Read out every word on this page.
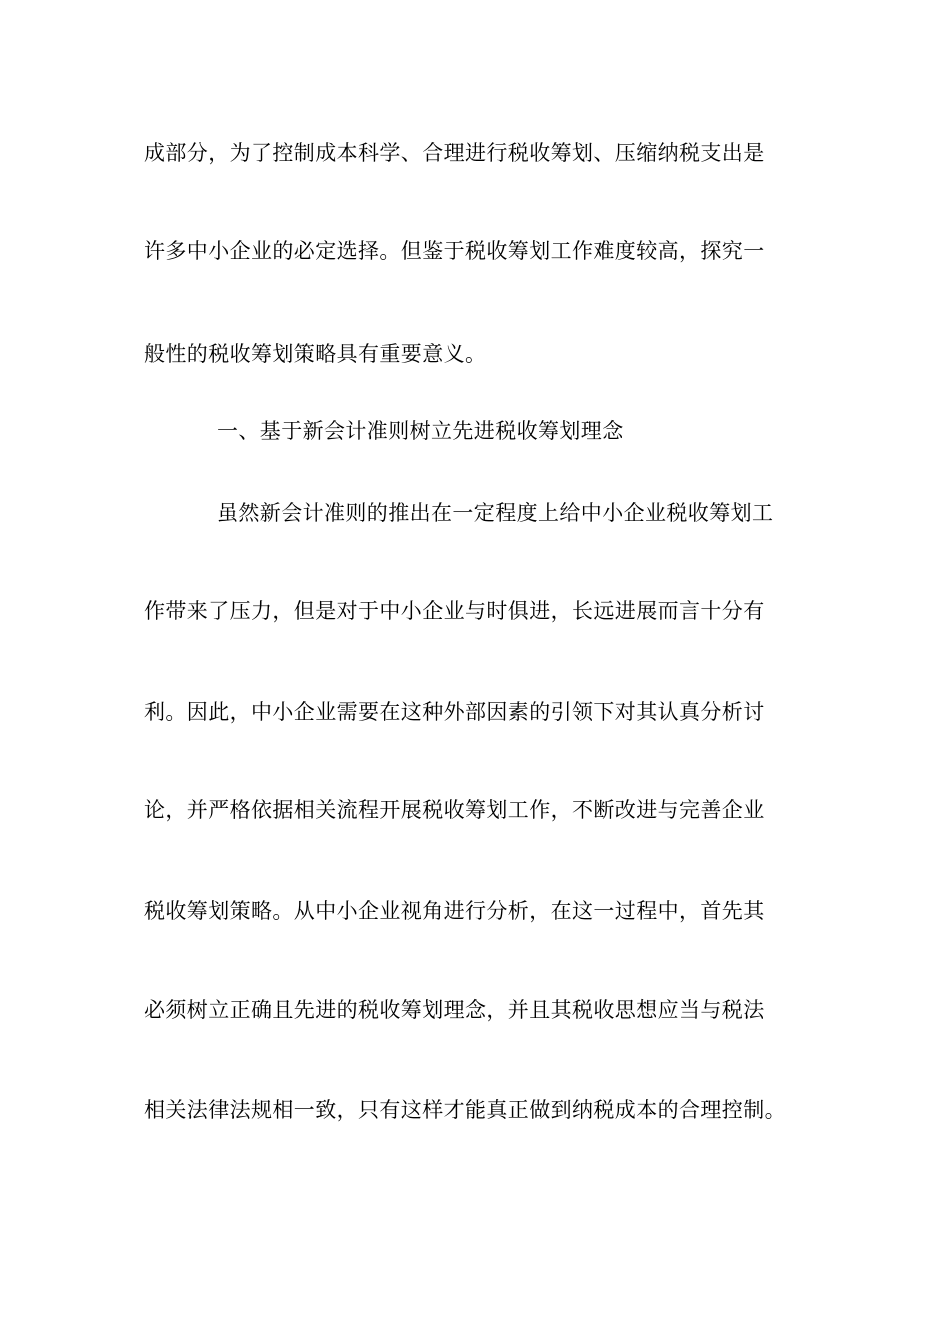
成部分，为了控制成本科学、合理进行税收筹划、压缩纳税支出是
许多中小企业的必定选择。但鉴于税收筹划工作难度较高，探究一
般性的税收筹划策略具有重要意义。
一、基于新会计准则树立先进税收筹划理念
虽然新会计准则的推出在一定程度上给中小企业税收筹划工
作带来了压力，但是对于中小企业与时俱进，长远进展而言十分有
利。因此，中小企业需要在这种外部因素的引领下对其认真分析讨
论，并严格依据相关流程开展税收筹划工作，不断改进与完善企业
税收筹划策略。从中小企业视角进行分析，在这一过程中，首先其
必须树立正确且先进的税收筹划理念，并且其税收思想应当与税法
相关法律法规相一致，只有这样才能真正做到纳税成本的合理控制。
